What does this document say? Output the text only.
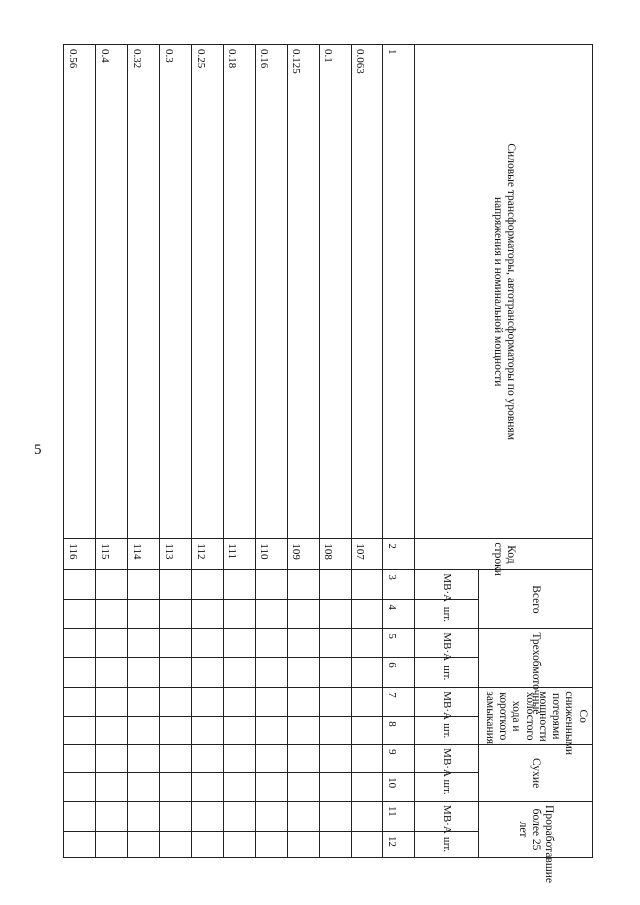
5
Силовые трансформаторы, автотрансформаторы по уровням напряжения и номинальной мощности	Код строки	Всего		Трехобмоточные		Со сниженными потерями мощности холостого хода и короткого замыкания		Сухие		Проработавшие более 25 лет	
		МВ·А	шт.	МВ·А	шт.	МВ·А	шт.	МВ·А	шт.	МВ·А	шт.
1	2	3	4	5	6	7	8	9	10	11	12
0.063	107										
0.1	108										
0.125	109										
0.16	110										
0.18	111										
0.25	112										
0.3	113										
0.32	114										
0.4	115										
0.56	116										
